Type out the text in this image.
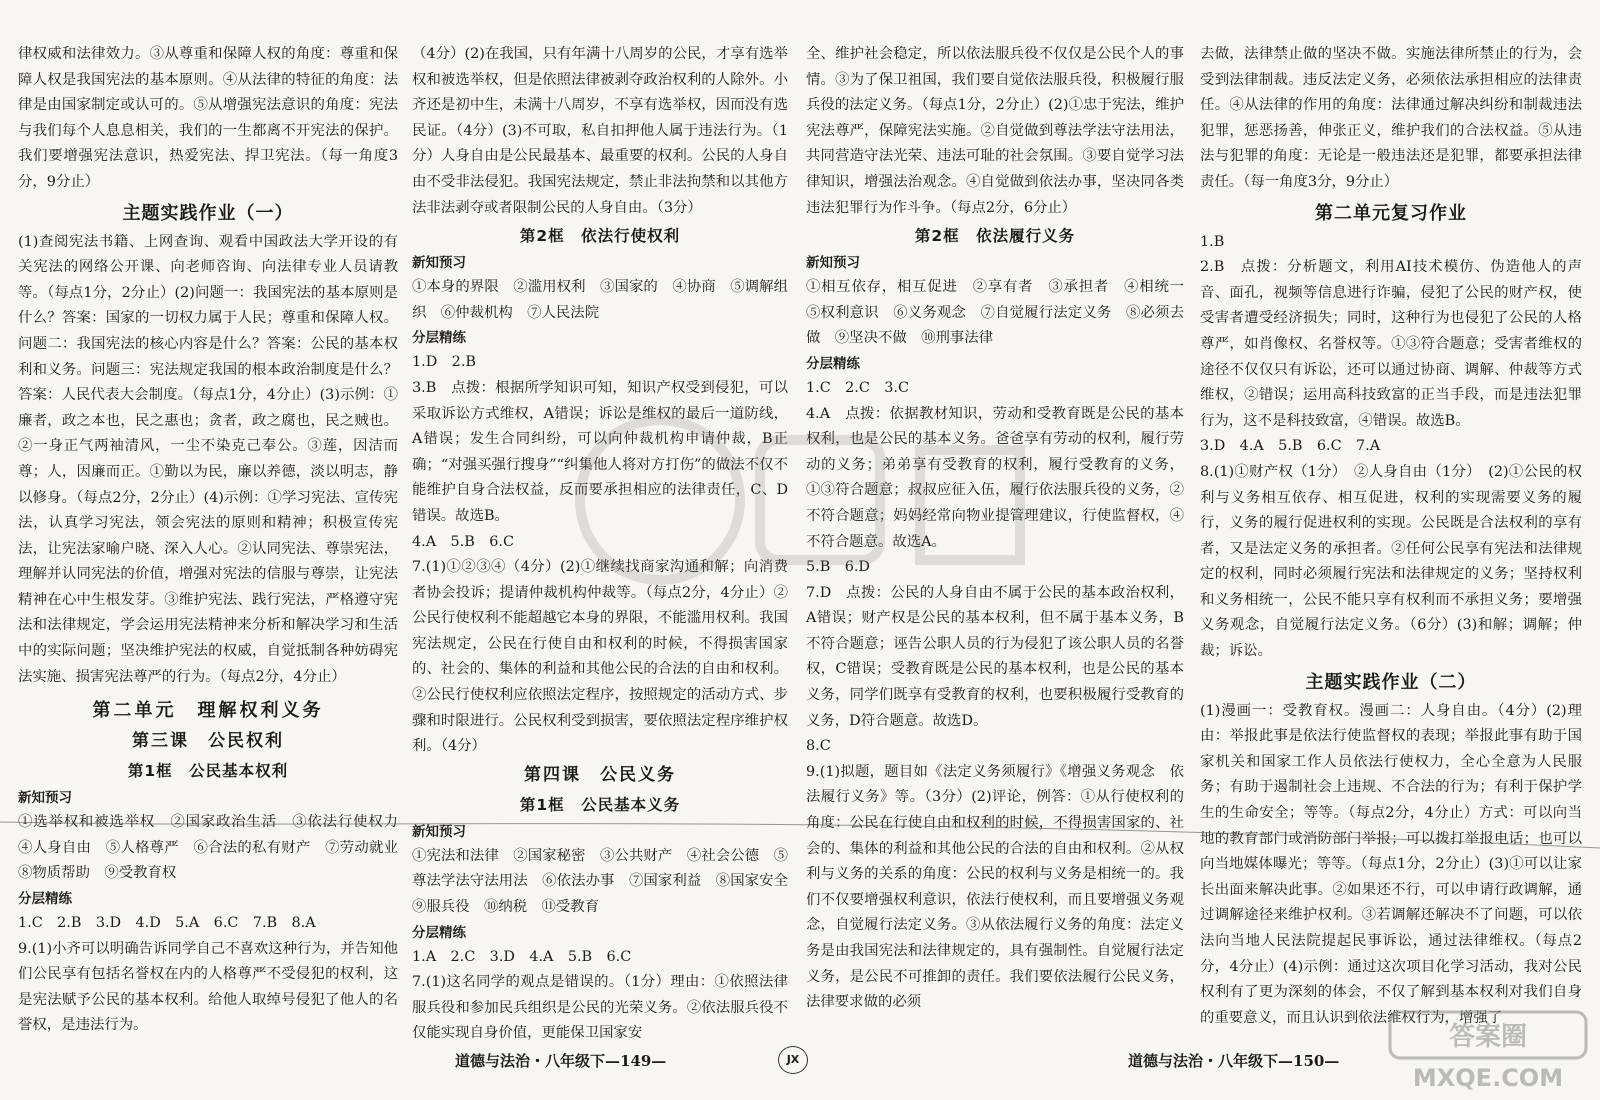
律权威和法律效力。③从尊重和保障人权的角度：尊重和保障人权是我国宪法的基本原则。④从法律的特征的角度：法律是由国家制定或认可的。⑤从增强宪法意识的角度：宪法与我们每个人息息相关，我们的一生都离不开宪法的保护。我们要增强宪法意识，热爱宪法、捍卫宪法。（每一角度3分，9分止）

主题实践作业（一）

(1)查阅宪法书籍、上网查询、观看中国政法大学开设的有关宪法的网络公开课、向老师咨询、向法律专业人员请教等。（每点1分，2分止）(2)问题一：我国宪法的基本原则是什么？答案：国家的一切权力属于人民；尊重和保障人权。问题二：我国宪法的核心内容是什么？答案：公民的基本权利和义务。问题三：宪法规定我国的根本政治制度是什么？答案：人民代表大会制度。（每点1分，4分止）(3)示例：①廉者，政之本也，民之惠也；贪者，政之腐也，民之贼也。②一身正气两袖清风，一尘不染克己奉公。③莲，因洁而尊；人，因廉而正。①勤以为民，廉以养德，淡以明志，静以修身。（每点2分，2分止）(4)示例：①学习宪法、宣传宪法，认真学习宪法，领会宪法的原则和精神；积极宣传宪法，让宪法家喻户晓、深入人心。②认同宪法、尊崇宪法，理解并认同宪法的价值，增强对宪法的信服与尊崇，让宪法精神在心中生根发芽。③维护宪法、践行宪法，严格遵守宪法和法律规定，学会运用宪法精神来分析和解决学习和生活中的实际问题；坚决维护宪法的权威，自觉抵制各种妨碍宪法实施、损害宪法尊严的行为。（每点2分，4分止）

第二单元　理解权利义务
第三课　公民权利
第1框　公民基本权利
新知预习

①选举权和被选举权　②国家政治生活　③依法行使权力　④人身自由　⑤人格尊严　⑥合法的私有财产　⑦劳动就业　⑧物质帮助　⑨受教育权

分层精练

1.C　2.B　3.D　4.D　5.A　6.C　7.B　8.A

9.(1)小齐可以明确告诉同学自己不喜欢这种行为，并告知他们公民享有包括名誉权在内的人格尊严不受侵犯的权利，这是宪法赋予公民的基本权利。给他人取绰号侵犯了他人的名誉权，是违法行为。

（4分）(2)在我国，只有年满十八周岁的公民，才享有选举权和被选举权，但是依照法律被剥夺政治权利的人除外。小齐还是初中生，未满十八周岁，不享有选举权，因而没有选民证。（4分）(3)不可取，私自扣押他人属于违法行为。（1分）人身自由是公民最基本、最重要的权利。公民的人身自由不受非法侵犯。我国宪法规定，禁止非法拘禁和以其他方法非法剥夺或者限制公民的人身自由。（3分）

第2框　依法行使权利
新知预习

①本身的界限　②滥用权利　③国家的　④协商　⑤调解组织　⑥仲裁机构　⑦人民法院

分层精练

1.D　2.B

3.B　点拨：根据所学知识可知，知识产权受到侵犯，可以采取诉讼方式维权，A错误；诉讼是维权的最后一道防线，A错误；发生合同纠纷，可以向仲裁机构申请仲裁，B正确；“对强买强行搜身”“纠集他人将对方打伤”的做法不仅不能维护自身合法权益，反而要承担相应的法律责任，C、D错误。故选B。

4.A　5.B　6.C

7.(1)①②③④（4分）(2)①继续找商家沟通和解；向消费者协会投诉；提请仲裁机构仲裁等。（每点2分，4分止）②公民行使权利不能超越它本身的界限，不能滥用权利。我国宪法规定，公民在行使自由和权利的时候，不得损害国家的、社会的、集体的利益和其他公民的合法的自由和权利。②公民行使权利应依照法定程序，按照规定的活动方式、步骤和时限进行。公民权利受到损害，要依照法定程序维护权利。（4分）

第四课　公民义务
第1框　公民基本义务
新知预习

①宪法和法律　②国家秘密　③公共财产　④社会公德　⑤尊法学法守法用法　⑥依法办事　⑦国家利益　⑧国家安全　⑨服兵役　⑩纳税　⑪受教育

分层精练

1.A　2.C　3.D　4.A　5.B　6.C

7.(1)这名同学的观点是错误的。（1分）理由：①依照法律服兵役和参加民兵组织是公民的光荣义务。②依法服兵役不仅能实现自身价值，更能保卫国家安

全、维护社会稳定，所以依法服兵役不仅仅是公民个人的事情。③为了保卫祖国，我们要自觉依法服兵役，积极履行服兵役的法定义务。（每点1分，2分止）(2)①忠于宪法，维护宪法尊严，保障宪法实施。②自觉做到尊法学法守法用法，共同营造守法光荣、违法可耻的社会氛围。③要自觉学习法律知识，增强法治观念。④自觉做到依法办事，坚决同各类违法犯罪行为作斗争。（每点2分，6分止）

第2框　依法履行义务
新知预习

①相互依存，相互促进　②享有者　③承担者　④相统一　⑤权利意识　⑥义务观念　⑦自觉履行法定义务　⑧必须去做　⑨坚决不做　⑩刑事法律

分层精练

1.C　2.C　3.C

4.A　点拨：依据教材知识，劳动和受教育既是公民的基本权利，也是公民的基本义务。爸爸享有劳动的权利，履行劳动的义务；弟弟享有受教育的权利，履行受教育的义务，①③符合题意；叔叔应征入伍，履行依法服兵役的义务，②不符合题意；妈妈经常向物业提管理建议，行使监督权，④不符合题意。故选A。

5.B　6.D

7.D　点拨：公民的人身自由不属于公民的基本政治权利，A错误；财产权是公民的基本权利，但不属于基本义务，B不符合题意；诬告公职人员的行为侵犯了该公职人员的名誉权，C错误；受教育既是公民的基本权利，也是公民的基本义务，同学们既享有受教育的权利，也要积极履行受教育的义务，D符合题意。故选D。

8.C

9.(1)拟题，题目如《法定义务须履行》《增强义务观念　依法履行义务》等。（3分）(2)评论，例答：①从行使权利的角度：公民在行使自由和权利的时候，不得损害国家的、社会的、集体的利益和其他公民的合法的自由和权利。②从权利与义务的关系的角度：公民的权利与义务是相统一的。我们不仅要增强权利意识，依法行使权利，而且要增强义务观念，自觉履行法定义务。③从依法履行义务的角度：法定义务是由我国宪法和法律规定的，具有强制性。自觉履行法定义务，是公民不可推卸的责任。我们要依法履行公民义务，法律要求做的必须

去做，法律禁止做的坚决不做。实施法律所禁止的行为，会受到法律制裁。违反法定义务，必须依法承担相应的法律责任。④从法律的作用的角度：法律通过解决纠纷和制裁违法犯罪，惩恶扬善，伸张正义，维护我们的合法权益。⑤从违法与犯罪的角度：无论是一般违法还是犯罪，都要承担法律责任。（每一角度3分，9分止）

第二单元复习作业

1.B

2.B　点拨：分析题文，利用AI技术模仿、伪造他人的声音、面孔，视频等信息进行诈骗，侵犯了公民的财产权，使受害者遭受经济损失；同时，这种行为也侵犯了公民的人格尊严，如肖像权、名誉权等。①③符合题意；受害者维权的途径不仅仅只有诉讼，还可以通过协商、调解、仲裁等方式维权，②错误；运用高科技致富的正当手段，而是违法犯罪行为，这不是科技致富，④错误。故选B。

3.D　4.A　5.B　6.C　7.A

8.(1)①财产权（1分）　②人身自由（1分）　(2)①公民的权利与义务相互依存、相互促进，权利的实现需要义务的履行，义务的履行促进权利的实现。公民既是合法权利的享有者，又是法定义务的承担者。②任何公民享有宪法和法律规定的权利，同时必须履行宪法和法律规定的义务；坚持权利和义务相统一，公民不能只享有权利而不承担义务；要增强义务观念，自觉履行法定义务。（6分）(3)和解；调解；仲裁；诉讼。

主题实践作业（二）

(1)漫画一：受教育权。漫画二：人身自由。（4分）(2)理由：举报此事是依法行使监督权的表现；举报此事有助于国家机关和国家工作人员依法行使权力，全心全意为人民服务；有助于遏制社会上违规、不合法的行为；有利于保护学生的生命安全；等等。（每点2分，4分止）方式：可以向当地的教育部门或消防部门举报；可以拨打举报电话；也可以向当地媒体曝光；等等。（每点1分，2分止）(3)①可以让家长出面来解决此事。②如果还不行，可以申请行政调解，通过调解途径来维护权利。③若调解还解决不了问题，可以依法向当地人民法院提起民事诉讼，通过法律维权。（每点2分，4分止）(4)示例：通过这次项目化学习活动，我对公民权利有了更为深刻的体会，不仅了解到基本权利对我们自身的重要意义，而且认识到依法维权行为，增强了

答案圈
MXQE.COM
道德与法治・八年级下—149—	JX	道德与法治・八年级下—150—
